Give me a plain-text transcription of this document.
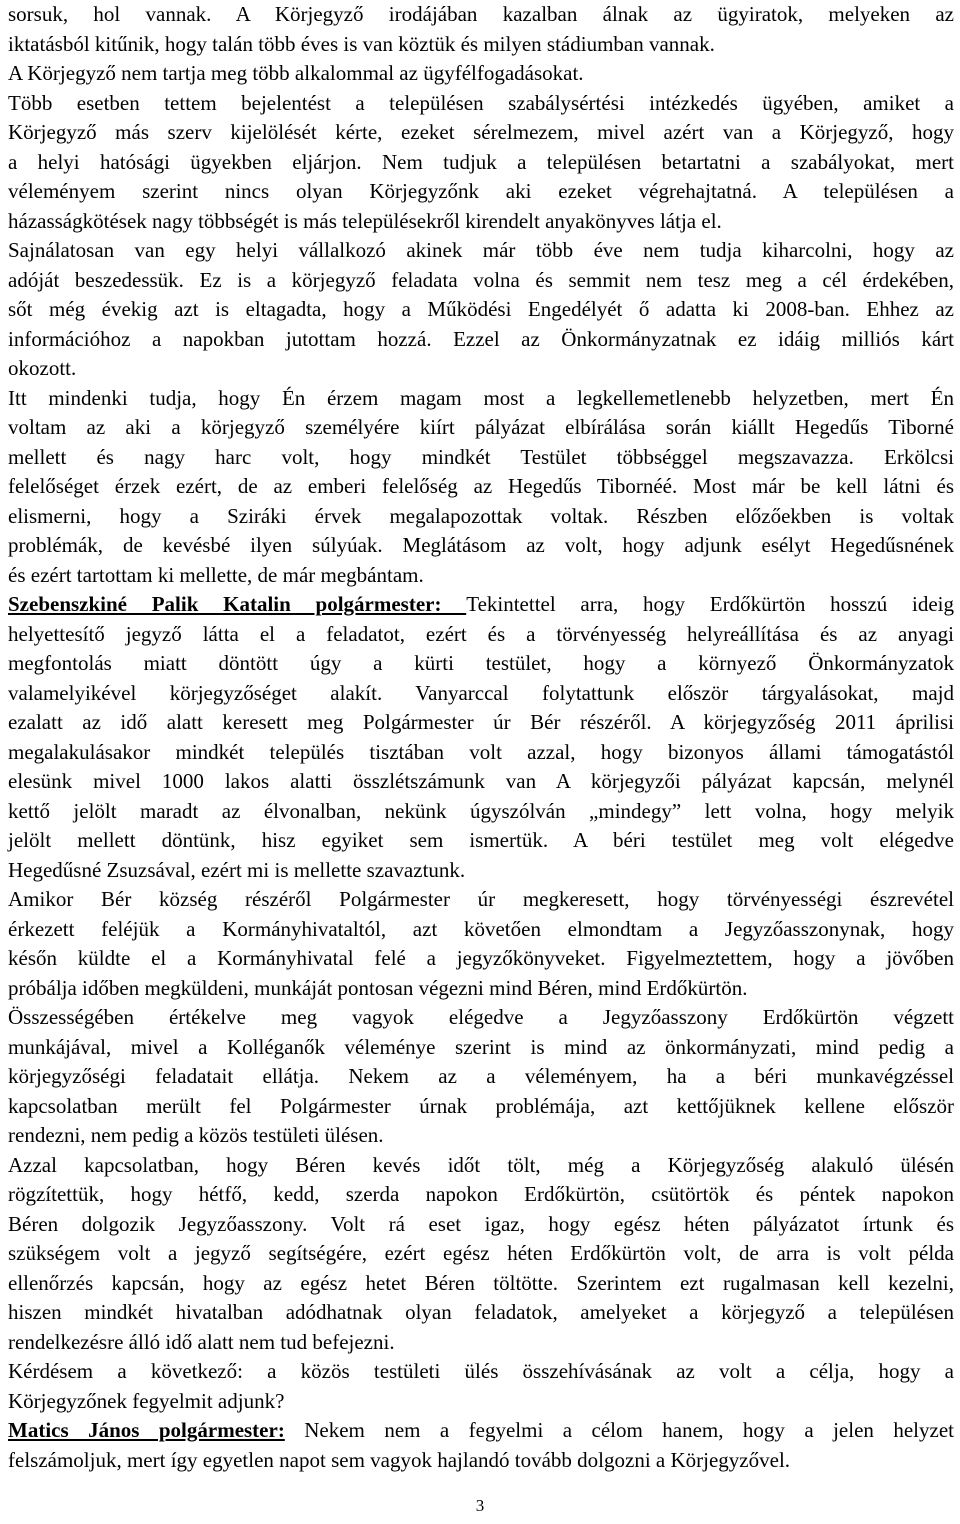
sorsuk, hol vannak. A Körjegyző irodájában kazalban álnak az ügyiratok, melyeken az
iktatásból kitűnik, hogy talán több éves is van köztük és milyen stádiumban vannak.
A Körjegyző nem tartja meg több alkalommal az ügyfélfogadásokat.
Több esetben tettem bejelentést a településen szabálysértési intézkedés ügyében, amiket a
Körjegyző más szerv kijelölését kérte, ezeket sérelmezem, mivel azért van a Körjegyző, hogy
a helyi hatósági ügyekben eljárjon. Nem tudjuk a településen betartatni a szabályokat, mert
véleményem szerint nincs olyan Körjegyzőnk aki ezeket végrehajtatná. A településen a
házasságkötések nagy többségét is más településekről kirendelt anyakönyves látja el.
Sajnálatosan van egy helyi vállalkozó akinek már több éve nem tudja kiharcolni, hogy az
adóját beszedessük. Ez is a körjegyző feladata volna és semmit nem tesz meg a cél érdekében,
sőt még évekig azt is eltagadta, hogy a Működési Engedélyét ő adatta ki 2008-ban. Ehhez az
információhoz a napokban jutottam hozzá. Ezzel az Önkormányzatnak ez idáig milliós kárt
okozott.
Itt mindenki tudja, hogy Én érzem magam most a legkellemetlenebb helyzetben, mert Én
voltam az aki a körjegyző személyére kiírt pályázat elbírálása során kiállt Hegedűs Tiborné
mellett és nagy harc volt, hogy mindkét Testület többséggel megszavazza. Erkölcsi
felelőséget érzek ezért, de az emberi felelőség az Hegedűs Tibornéé. Most már be kell látni és
elismerni, hogy a Sziráki érvek megalapozottak voltak. Részben előzőekben is voltak
problémák, de kevésbé ilyen súlyúak. Meglátásom az volt, hogy adjunk esélyt Hegedűsnének
és ezért tartottam ki mellette, de már megbántam.
Szebenszkiné Palik Katalin polgármester: Tekintettel arra, hogy Erdőkürtön hosszú ideig
helyettesítő jegyző látta el a feladatot, ezért és a törvényesség helyreállítása és az anyagi
megfontolás miatt döntött úgy a kürti testület, hogy a környező Önkormányzatok
valamelyikével körjegyzőséget alakít. Vanyarccal folytattunk először tárgyalásokat, majd
ezalatt az idő alatt keresett meg Polgármester úr Bér részéről. A körjegyzőség 2011 áprilisi
megalakulásakor mindkét település tisztában volt azzal, hogy bizonyos állami támogatástól
elesünk mivel 1000 lakos alatti összlétszámunk van A körjegyzői pályázat kapcsán, melynél
kettő jelölt maradt az élvonalban, nekünk úgyszólván „mindegy” lett volna, hogy melyik
jelölt mellett döntünk, hisz egyiket sem ismertük. A béri testület meg volt elégedve
Hegedűsné Zsuzsával, ezért mi is mellette szavaztunk.
Amikor Bér község részéről Polgármester úr megkeresett, hogy törvényességi észrevétel
érkezett feléjük a Kormányhivataltól, azt követően elmondtam a Jegyzőasszonynak, hogy
későn küldte el a Kormányhivatal felé a jegyzőkönyveket. Figyelmeztettem, hogy a jövőben
próbálja időben megküldeni, munkáját pontosan végezni mind Béren, mind Erdőkürtön.
Összességében értékelve meg vagyok elégedve a Jegyzőasszony Erdőkürtön végzett
munkájával, mivel a Kolléganők véleménye szerint is mind az önkormányzati, mind pedig a
körjegyzőségi feladatait ellátja. Nekem az a véleményem, ha a béri munkavégzéssel
kapcsolatban merült fel Polgármester úrnak problémája, azt kettőjüknek kellene először
rendezni, nem pedig a közös testületi ülésen.
Azzal kapcsolatban, hogy Béren kevés időt tölt, még a Körjegyzőség alakuló ülésén
rögzítettük, hogy hétfő, kedd, szerda napokon Erdőkürtön, csütörtök és péntek napokon
Béren dolgozik Jegyzőasszony. Volt rá eset igaz, hogy egész héten pályázatot írtunk és
szükségem volt a jegyző segítségére, ezért egész héten Erdőkürtön volt, de arra is volt példa
ellenőrzés kapcsán, hogy az egész hetet Béren töltötte. Szerintem ezt rugalmasan kell kezelni,
hiszen mindkét hivatalban adódhatnak olyan feladatok, amelyeket a körjegyző a településen
rendelkezésre álló idő alatt nem tud befejezni.
Kérdésem a következő: a közös testületi ülés összehívásának az volt a célja, hogy a
Körjegyzőnek fegyelmit adjunk?
Matics János polgármester: Nekem nem a fegyelmi a célom hanem, hogy a jelen helyzet
felszámoljuk, mert így egyetlen napot sem vagyok hajlandó tovább dolgozni a Körjegyzővel.
3
